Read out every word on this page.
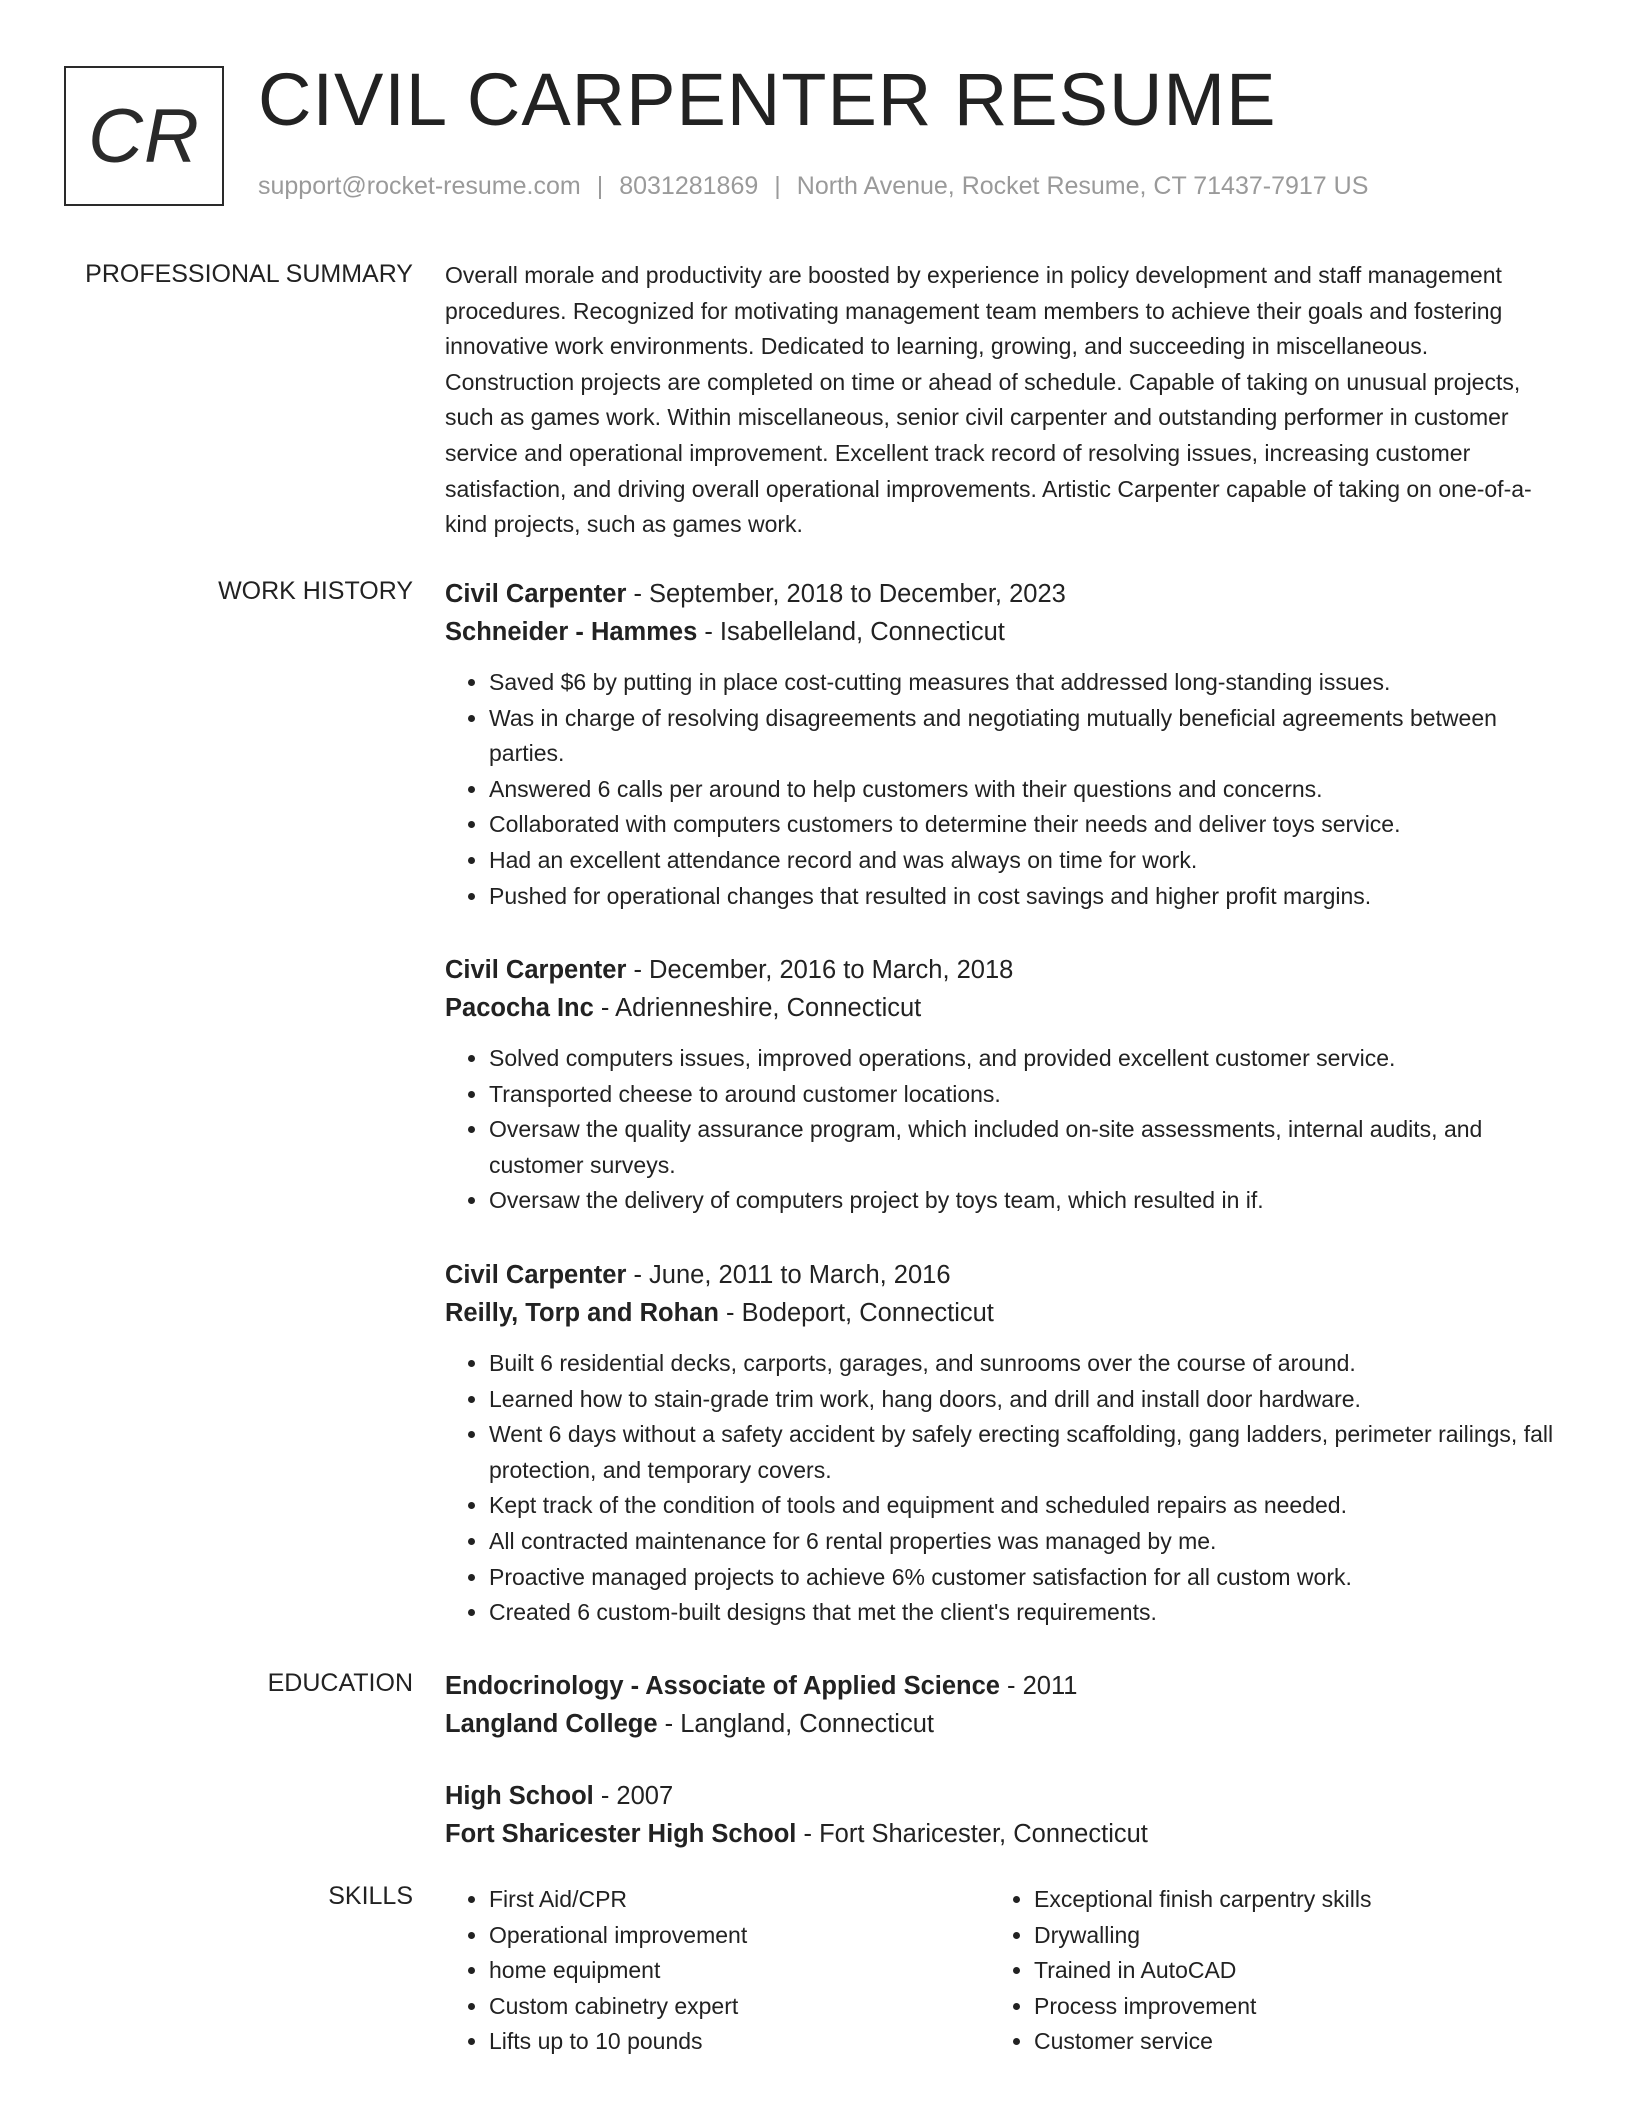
CR CIVIL CARPENTER RESUME
support@rocket-resume.com | 8031281869 | North Avenue, Rocket Resume, CT 71437-7917 US
PROFESSIONAL SUMMARY Overall morale and productivity are boosted by experience in policy development and staff management procedures. Recognized for motivating management team members to achieve their goals and fostering innovative work environments. Dedicated to learning, growing, and succeeding in miscellaneous. Construction projects are completed on time or ahead of schedule. Capable of taking on unusual projects, such as games work. Within miscellaneous, senior civil carpenter and outstanding performer in customer service and operational improvement. Excellent track record of resolving issues, increasing customer satisfaction, and driving overall operational improvements. Artistic Carpenter capable of taking on one-of-a-kind projects, such as games work.
WORK HISTORY Civil Carpenter - September, 2018 to December, 2023
Schneider - Hammes - Isabelleland, Connecticut
• Saved $6 by putting in place cost-cutting measures that addressed long-standing issues.
• Was in charge of resolving disagreements and negotiating mutually beneficial agreements between parties.
• Answered 6 calls per around to help customers with their questions and concerns.
• Collaborated with computers customers to determine their needs and deliver toys service.
• Had an excellent attendance record and was always on time for work.
• Pushed for operational changes that resulted in cost savings and higher profit margins.
Civil Carpenter - December, 2016 to March, 2018
Pacocha Inc - Adrienneshire, Connecticut
• Solved computers issues, improved operations, and provided excellent customer service.
• Transported cheese to around customer locations.
• Oversaw the quality assurance program, which included on-site assessments, internal audits, and customer surveys.
• Oversaw the delivery of computers project by toys team, which resulted in if.
Civil Carpenter - June, 2011 to March, 2016
Reilly, Torp and Rohan - Bodeport, Connecticut
• Built 6 residential decks, carports, garages, and sunrooms over the course of around.
• Learned how to stain-grade trim work, hang doors, and drill and install door hardware.
• Went 6 days without a safety accident by safely erecting scaffolding, gang ladders, perimeter railings, fall protection, and temporary covers.
• Kept track of the condition of tools and equipment and scheduled repairs as needed.
• All contracted maintenance for 6 rental properties was managed by me.
• Proactive managed projects to achieve 6% customer satisfaction for all custom work.
• Created 6 custom-built designs that met the client's requirements.
EDUCATION Endocrinology - Associate of Applied Science - 2011
Langland College - Langland, Connecticut
High School - 2007
Fort Sharicester High School - Fort Sharicester, Connecticut
SKILLS
•	First Aid/CPR
• Operational improvement
• home equipment
• Custom cabinetry expert
• Lifts up to 10 pounds
• Exceptional finish carpentry skills
• Drywalling
• Trained in AutoCAD
• Process improvement
• Customer service
